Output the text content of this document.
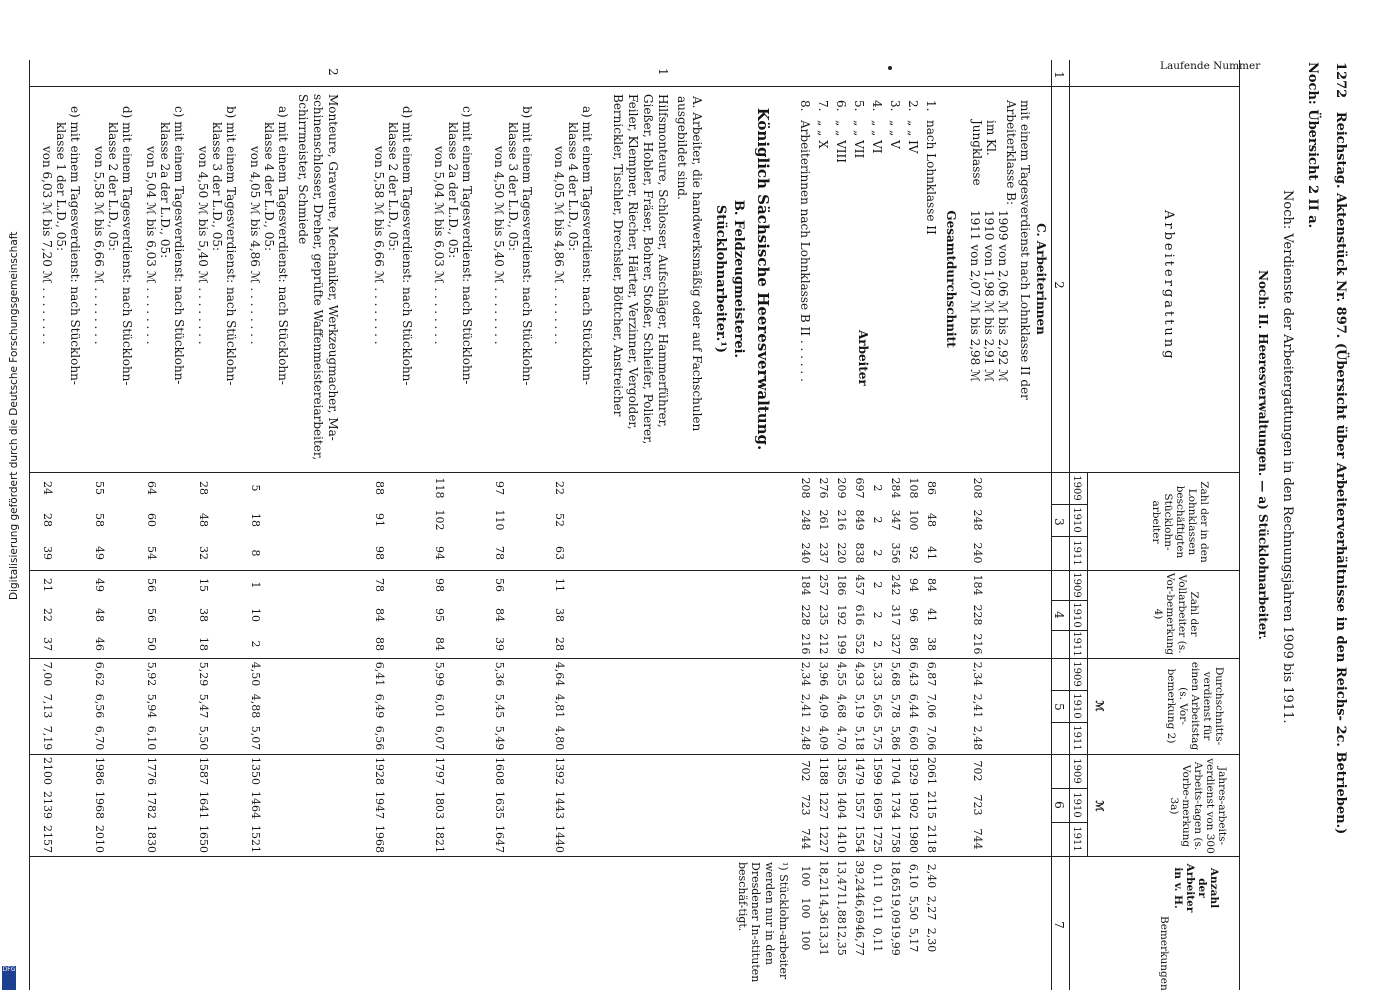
1272   Reichstag. Aktenstück Nr. 897. (Übersicht über Arbeiterverhältnisse in den Reichs- 2c. Betrieben.)
Noch: Übersicht 2 II a.
Noch: Verdienste der Arbeitergattungen in den Rechnungsjahren 1909 bis 1911.
Noch: II. Heeresverwaltungen. — a) Stücklohnarbeiter.
Laufende Nummer
Arbeitergattung
Zahl der in den Lohnklassen beschäftigten Stücklohn-arbeiter
Zahl der Vollarbeiter (s. Vor-bemerkung 4)
Durchschnitts-verdienst für einen Arbeitstag (s. Vor-bemerkung 2)
ℳ
Jahres-arbeits-verdienst von 300 Arbeits-tagen (s. Vorbe-merkung 3a)
ℳ
Bemerkungen
Anzahl der Arbeiter in v. H.
1909
1910
1911
1909
1910
1911
1909
1910
1911
1909
1910
1911
1
2
3
4
5
6
7
C. Arbeiterinnen
mit einem Tagesverdienst nach Lohnklasse II der Arbeiterklasse B:
im Kl.
Jungklasse
1909 von 2,06 ℳ bis 2,92 ℳ
1910 von 1,98 ℳ bis 2,91 ℳ
1911 von 2,07 ℳ bis 2,98 ℳ
208
248
240
184
228
216
2,34
2,41
2,48
702
723
744
Gesamtdurchschnitt
Arbeiter
1.
nach Lohnklasse II
86
48
41
84
41
38
6,87
7,06
7,06
2061
2115
2118
2,40
2,27
2,30
2.
„ „ IV
108
100
92
94
96
86
6,43
6,44
6,60
1929
1902
1980
6,10
5,50
5,17
3.
„ „ V
284
347
356
242
317
327
5,68
5,78
5,86
1704
1734
1758
18,65
19,09
19,99
4.
„ „ VI
2
2
2
2
2
2
5,33
5,65
5,75
1599
1695
1725
0,11
0,11
0,11
5.
„ „ VII
697
849
838
457
616
552
4,93
5,19
5,18
1479
1557
1554
39,24
46,69
46,77
6.
„ „ VIII
209
216
220
186
192
199
4,55
4,68
4,70
1365
1404
1410
13,47
11,88
12,35
7.
„ „ X
276
261
237
257
235
212
3,96
4,09
4,09
1188
1227
1227
18,21
14,36
13,31
8.
Arbeiterinnen nach Lohnklasse B II . . . . . .
208
248
240
184
228
216
2,34
2,41
2,48
702
723
744
100
100
100
Königlich Sächsische Heeresverwaltung.
B. Feldzeugmeisterei.
Stücklohnarbeiter.¹)
A. Arbeiter, die handwerksmäßig oder auf Fachschulen ausgebildet sind.
1
Hilfsmonteure, Schlosser, Aufschläger, Hammerführer, Gießer, Hobler, Fräser, Bohrer, Stoßer, Schleifer, Polierer, Feiler, Klempner, Riecher, Härter, Verzinner, Vergolder, Bernickler, Tischler, Drechsler, Böttcher, Anstreicher
a) mit einem Tagesverdienst: nach Stücklohn-
klasse 4 der L.D., 05:
von 4,05 ℳ bis 4,86 ℳ . . . . . . . .
22
52
63
11
38
28
4,64
4,81
4,80
1392
1443
1440
b) mit einem Tagesverdienst: nach Stücklohn-
klasse 3 der L.D., 05:
von 4,50 ℳ bis 5,40 ℳ . . . . . . . .
97
110
78
56
84
39
5,36
5,45
5,49
1608
1635
1647
c) mit einem Tagesverdienst: nach Stücklohn-
klasse 2a der L.D., 05:
von 5,04 ℳ bis 6,03 ℳ . . . . . . . .
118
102
94
98
95
84
5,99
6,01
6,07
1797
1803
1821
d) mit einem Tagesverdienst: nach Stücklohn-
klasse 2 der L.D., 05:
von 5,58 ℳ bis 6,66 ℳ . . . . . . . .
88
91
98
78
84
88
6,41
6,49
6,56
1928
1947
1968
2
Monteure, Graveure, Mechaniker, Werkzeugmacher, Ma-schinenschlosser, Dreher, geprüfte Waffenmeistereiarbeiter, Schirrmeister, Schmiede
a) mit einem Tagesverdienst: nach Stücklohn-
klasse 4 der L.D., 05:
von 4,05 ℳ bis 4,86 ℳ . . . . . . . .
5
18
8
1
10
2
4,50
4,88
5,07
1350
1464
1521
b) mit einem Tagesverdienst: nach Stücklohn-
klasse 3 der L.D., 05:
von 4,50 ℳ bis 5,40 ℳ . . . . . . . .
28
48
32
15
38
18
5,29
5,47
5,50
1587
1641
1650
c) mit einem Tagesverdienst: nach Stücklohn-
klasse 2a der L.D., 05:
von 5,04 ℳ bis 6,03 ℳ . . . . . . . .
64
60
54
56
56
50
5,92
5,94
6,10
1776
1782
1830
d) mit einem Tagesverdienst: nach Stücklohn-
klasse 2 der L.D., 05:
von 5,58 ℳ bis 6,66 ℳ . . . . . . . .
55
58
49
49
48
46
6,62
6,56
6,70
1986
1968
2010
e) mit einem Tagesverdienst: nach Stücklohn-
klasse 1 der L.D., 05:
von 6,03 ℳ bis 7,20 ℳ . . . . . . . .
24
28
39
21
22
37
7,00
7,13
7,19
2100
2139
2157
¹) Stücklohn-arbeiter werden nur in den Dresdener In-stituten beschäf-tigt.
Digitalisierung gefördert durch die Deutsche Forschungsgemeinschaft
DFG
